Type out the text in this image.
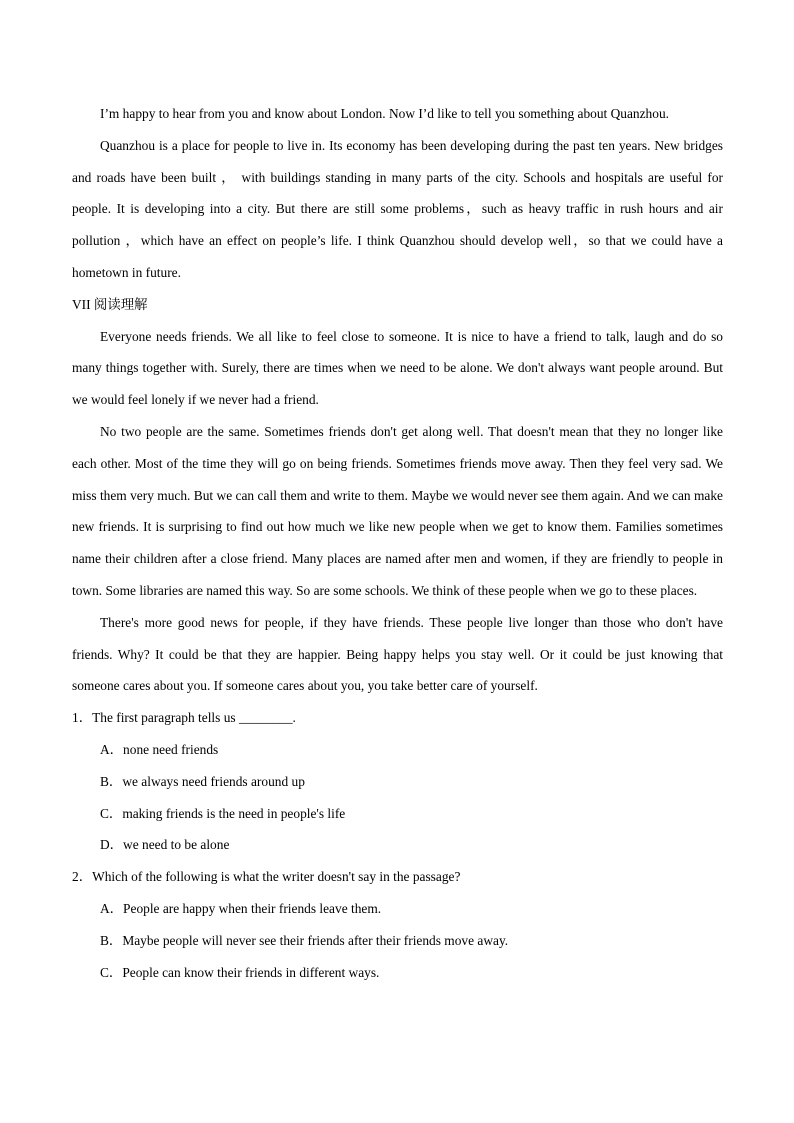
I’m happy to hear from you and know about London. Now I’d like to tell you something about Quanzhou.

Quanzhou is a place for people to live in. Its economy has been developing during the past ten years. New bridges and roads have been built ， with buildings standing in many parts of the city. Schools and hospitals are useful for people. It is developing into a city. But there are still some problems，such as heavy traffic in rush hours and air pollution ，which have an effect on people’s life. I think Quanzhou should develop well，so that we could have a hometown in future.

VII 阅读理解

Everyone needs friends. We all like to feel close to someone. It is nice to have a friend to talk, laugh and do so many things together with. Surely, there are times when we need to be alone. We don't always want people around. But we would feel lonely if we never had a friend.

No two people are the same. Sometimes friends don't get along well. That doesn't mean that they no longer like each other. Most of the time they will go on being friends. Sometimes friends move away. Then they feel very sad. We miss them very much. But we can call them and write to them. Maybe we would never see them again. And we can make new friends. It is surprising to find out how much we like new people when we get to know them. Families sometimes name their children after a close friend. Many places are named after men and women, if they are friendly to people in town. Some libraries are named this way. So are some schools. We think of these people when we go to these places.

There's more good news for people, if they have friends. These people live longer than those who don't have friends. Why? It could be that they are happier. Being happy helps you stay well. Or it could be just knowing that someone cares about you. If someone cares about you, you take better care of yourself.

1．The first paragraph tells us ________.

A．none need friends

B．we always need friends around up

C．making friends is the need in people's life

D．we need to be alone

2．Which of the following is what the writer doesn't say in the passage?

A．People are happy when their friends leave them.

B．Maybe people will never see their friends after their friends move away.

C．People can know their friends in different ways.
